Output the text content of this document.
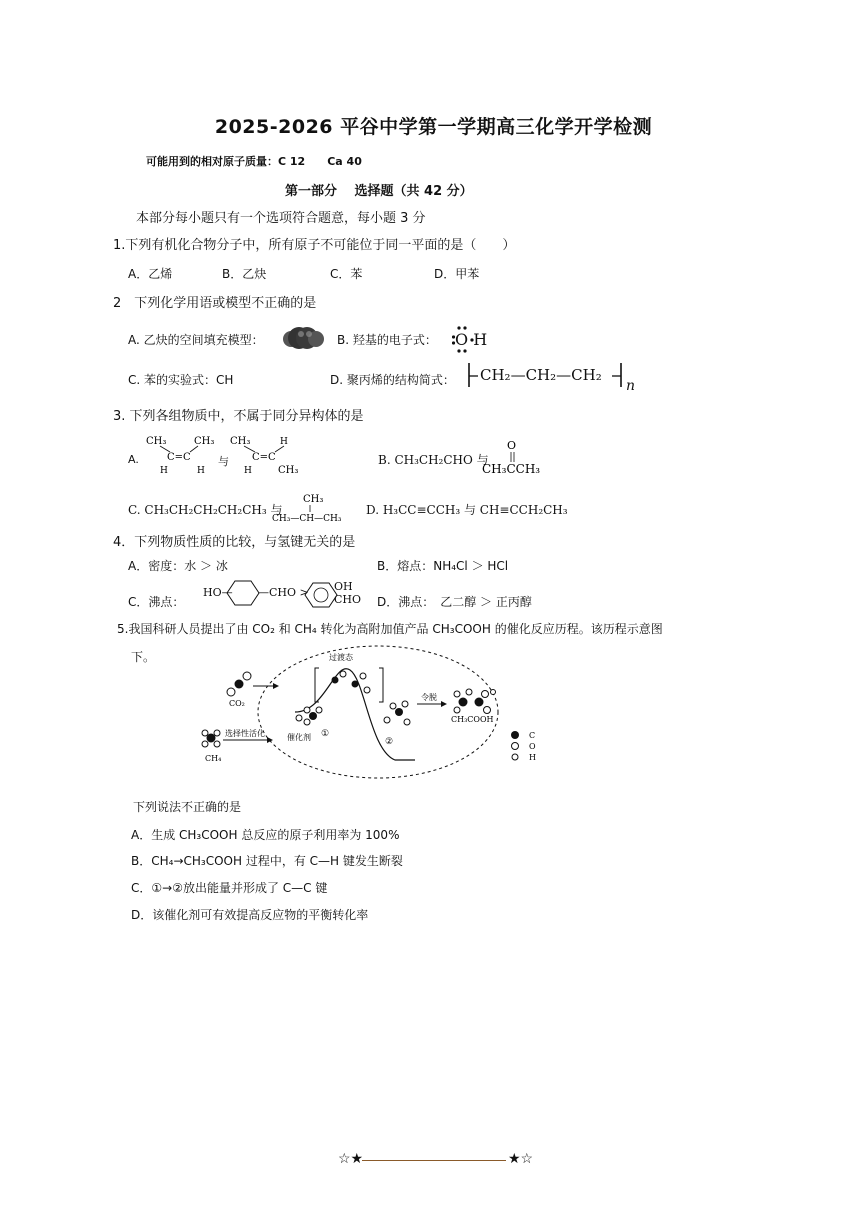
2025-2026 平谷中学第一学期高三化学开学检测
可能用到的相对原子质量：C 12　　Ca 40
第一部分　 选择题（共 42 分）
本部分每小题只有一个选项符合题意，每小题 3 分
1.下列有机化合物分子中，所有原子不可能位于同一平面的是（　　）
A．乙烯	B．乙炔	C．苯	D．甲苯
2　下列化学用语或模型不正确的是
A. 乙炔的空间填充模型：	B. 羟基的电子式： O H
C. 苯的实验式：CH	D. 聚丙烯的结构简式： CH₂—CH₂—CH₂
n
3. 下列各组物质中，不属于同分异构体的是
A.
CH₃	CH₃
C=C
H	H
与
CH₃	H
C=C
H	CH₃
B. CH₃CH₂CHO 与
O
CH₃CCH₃
C. CH₃CH₂CH₂CH₂CH₃ 与
CH₃
CH₃—CH—CH₃
D. H₃CC≡CCH₃ 与 CH≡CCH₂CH₃
4．下列物质性质的比较，与氢键无关的是
A．密度：水 ＞ 冰	B．熔点：NH₄Cl ＞ HCl
C．沸点：
HO— —CHO > OH
CHO D．沸点：　乙二醇 ＞ 正丙醇
5.我国科研人员提出了由 CO₂ 和 CH₄ 转化为高附加值产品 CH₃COOH 的催化反应历程。该历程示意图
下。
CO₂
CH₄
选择性活化
过渡态
催化剂 ①
②
令脱
CH₃COOH
C
O
H
下列说法不正确的是
A．生成 CH₃COOH 总反应的原子利用率为 100%
B．CH₄→CH₃COOH 过程中，有 C—H 键发生断裂
C．①→②放出能量并形成了 C—C 键
D．该催化剂可有效提高反应物的平衡转化率
☆★	★☆
